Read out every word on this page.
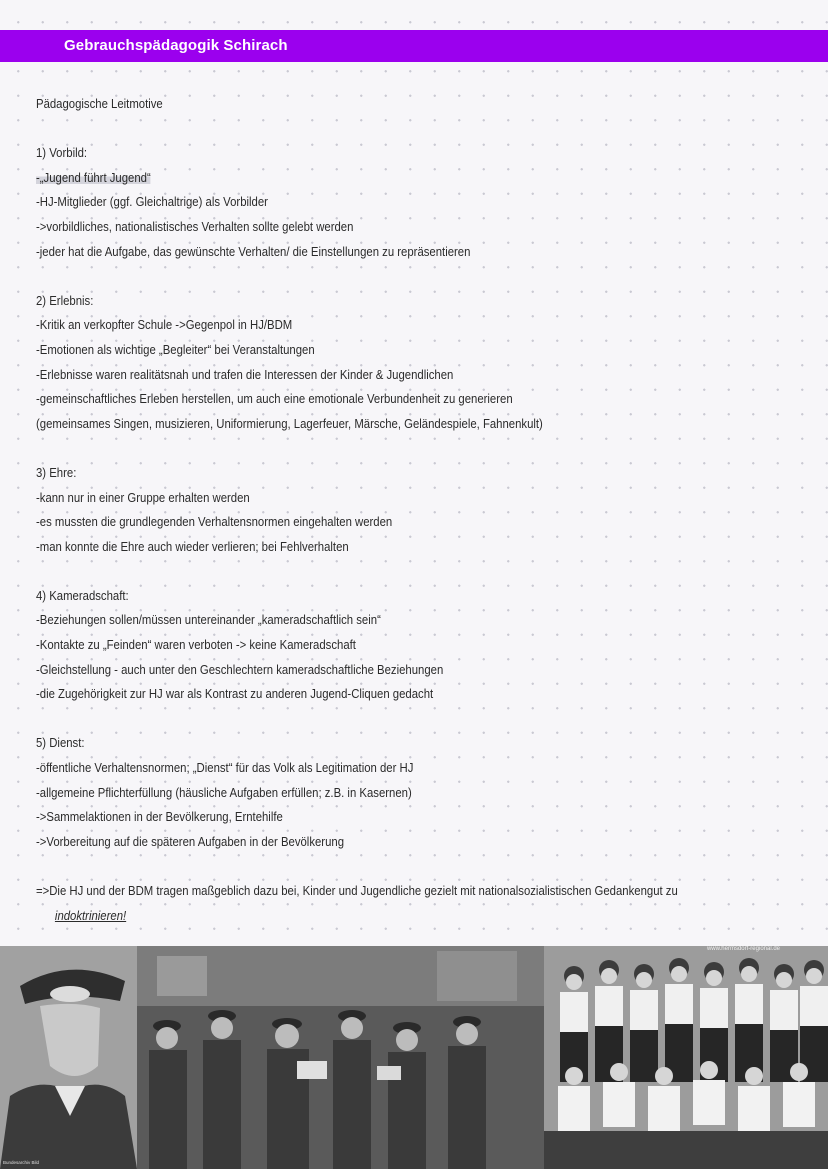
Gebrauchspädagogik Schirach
Pädagogische Leitmotive
1) Vorbild:
-„Jugend führt Jugend“
-HJ-Mitglieder (ggf. Gleichaltrige) als Vorbilder
->vorbildliches, nationalistisches Verhalten sollte gelebt werden
-jeder hat die Aufgabe, das gewünschte Verhalten/ die Einstellungen zu repräsentieren
2) Erlebnis:
-Kritik an verkopfter Schule ->Gegenpol in HJ/BDM
-Emotionen als wichtige „Begleiter“ bei Veranstaltungen
-Erlebnisse waren realitätsnah und trafen die Interessen der Kinder & Jugendlichen
-gemeinschaftliches Erleben herstellen, um auch eine emotionale Verbundenheit zu generieren
(gemeinsames Singen, musizieren, Uniformierung, Lagerfeuer, Märsche, Geländespiele, Fahnenkult)
3) Ehre:
-kann nur in einer Gruppe erhalten werden
-es mussten die grundlegenden Verhaltensnormen eingehalten werden
-man konnte die Ehre auch wieder verlieren; bei Fehlverhalten
4) Kameradschaft:
-Beziehungen sollen/müssen untereinander „kameradschaftlich sein“
-Kontakte zu „Feinden“ waren verboten -> keine Kameradschaft
-Gleichstellung - auch unter den Geschlechtern kameradschaftliche Beziehungen
-die Zugehörigkeit zur HJ war als Kontrast zu anderen Jugend-Cliquen gedacht
5) Dienst:
-öffentliche Verhaltensnormen; „Dienst“ für das Volk als Legitimation der HJ
-allgemeine Pflichterfüllung (häusliche Aufgaben erfüllen; z.B. in Kasernen)
->Sammelaktionen in der Bevölkerung, Erntehilfe
->Vorbereitung auf die späteren Aufgaben in der Bevölkerung
=>Die HJ und der BDM tragen maßgeblich dazu bei, Kinder und Jugendliche gezielt mit nationalsozialistischen Gedankengut zu
indoktrinieren!
Bundesarchiv Bild
www.hermsdorf-regional.de
